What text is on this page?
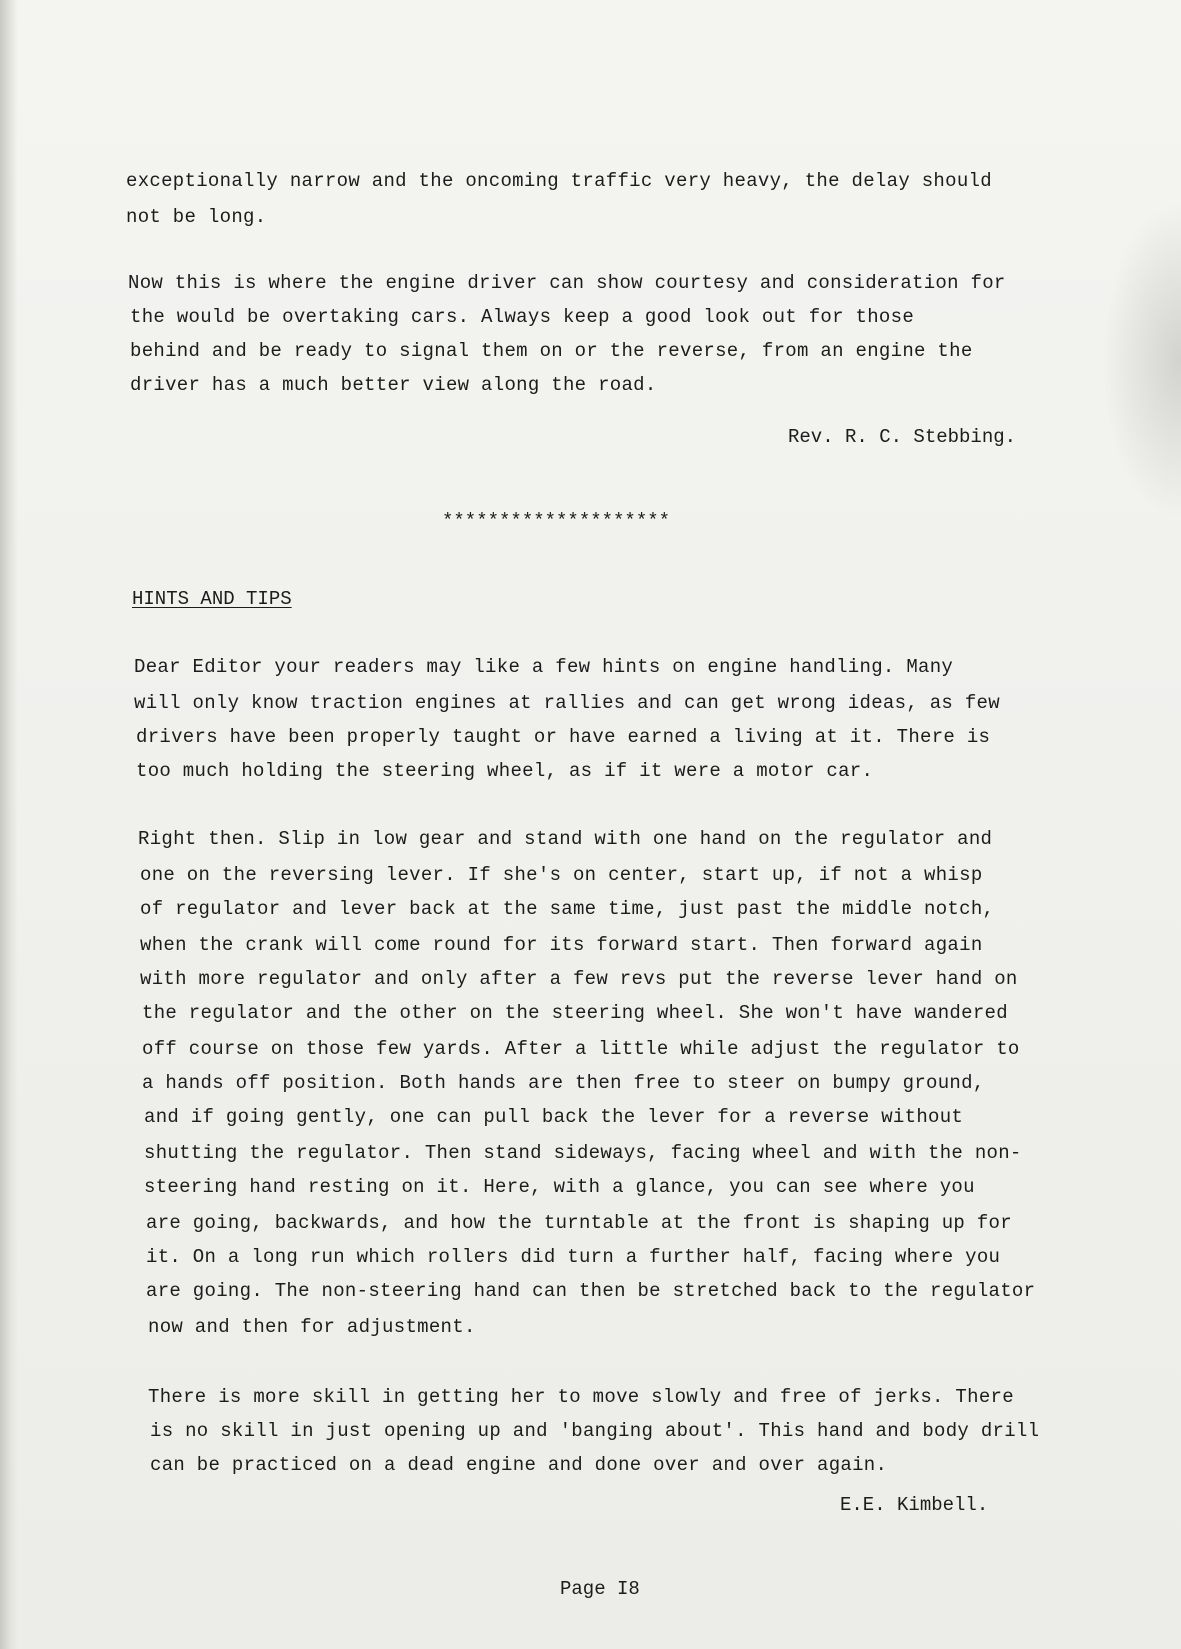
exceptionally narrow and the oncoming traffic very heavy, the delay should
not be long.
Now this is where the engine driver can show courtesy and consideration for
the would be overtaking cars. Always keep a good look out for those
behind and be ready to signal them on or the reverse, from an engine the
driver has a much better view along the road.
Rev. R. C. Stebbing.
********************
HINTS AND TIPS
Dear Editor your readers may like a few hints on engine handling. Many
will only know traction engines at rallies and can get wrong ideas, as few
drivers have been properly taught or have earned a living at it. There is
too much holding the steering wheel, as if it were a motor car.
Right then. Slip in low gear and stand with one hand on the regulator and
one on the reversing lever. If she's on center, start up, if not a whisp
of regulator and lever back at the same time, just past the middle notch,
when the crank will come round for its forward start. Then forward again
with more regulator and only after a few revs put the reverse lever hand on
the regulator and the other on the steering wheel. She won't have wandered
off course on those few yards. After a little while adjust the regulator to
a hands off position. Both hands are then free to steer on bumpy ground,
and if going gently, one can pull back the lever for a reverse without
shutting the regulator. Then stand sideways, facing wheel and with the non-
steering hand resting on it. Here, with a glance, you can see where you
are going, backwards, and how the turntable at the front is shaping up for
it. On a long run which rollers did turn a further half, facing where you
are going. The non-steering hand can then be stretched back to the regulator
now and then for adjustment.
There is more skill in getting her to move slowly and free of jerks. There
is no skill in just opening up and 'banging about'. This hand and body drill
can be practiced on a dead engine and done over and over again.
E.E. Kimbell.
Page I8
